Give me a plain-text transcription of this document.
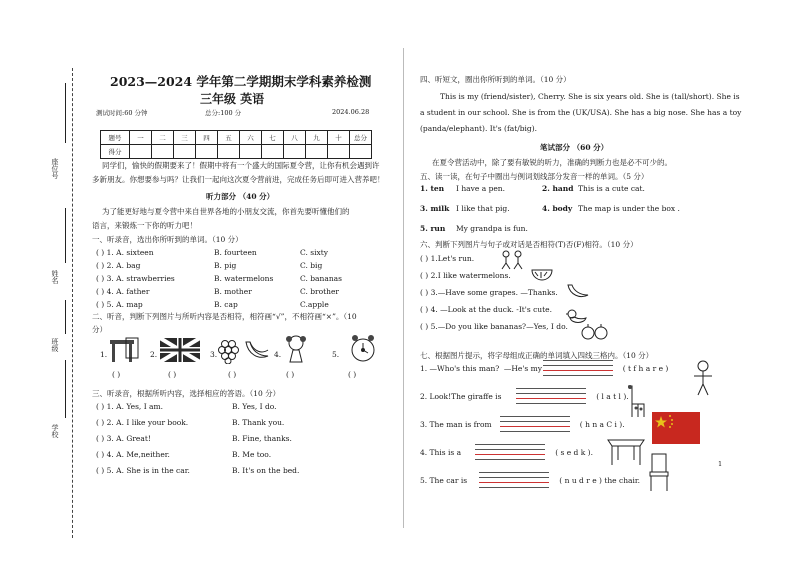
座位号
姓名
班级
学校
2023—2024 学年第二学期期末学科素养检测
三年级 英语
测试时间:60 分钟	总分:100 分	2024.06.28
题号	一	二	三	四	五	六	七	八	九	十	总分
得分											
同学们，愉快的假期要来了！假期中将有一个盛大的国际夏令营，让你有机会遇到许
多新朋友。你想要参与吗？让我们一起向这次夏令营前进，完成任务后即可进入营养吧！
听力部分 （40 分）
为了能更好地与夏令营中来自世界各地的小朋友交流，你首先要听懂他们的
语言，来锻炼一下你的听力吧！
一、听录音，选出你所听到的单词。（10 分）
( ) 1. A. sixteen	B. fourteen	C. sixty
( ) 2. A. bag	B. pig	C. big
( ) 3. A. strawberries	B. watermelons	C. bananas
( ) 4. A. father	B. mother	C. brother
( ) 5. A. map	B. cap	C.apple
二、听音，判断下列图片与所听内容是否相符，相符画“√”，不相符画“×”。（10
分）
1.	2.	3.	4.	5.
( )	( )	( )	( )	( )
三、听录音，根据所听内容，选择相应的答语。（10 分）
( ) 1. A. Yes, I am.	B. Yes, I do.
( ) 2. A. I like your book.	B. Thank you.
( ) 3. A. Great!	B. Fine, thanks.
( ) 4. A. Me,neither.	B. Me too.
( ) 5. A. She is in the car.	B. It's on the bed.
四、听短文，圈出你所听到的单词。（10 分）
This is my (friend/sister), Cherry. She is six years old. She is (tall/short). She is
a student in our school. She is from the (UK/USA). She has a big nose. She has a toy
(panda/elephant). It's (fat/big).
笔试部分 （60 分）
在夏令营活动中，除了要有敏锐的听力，准确的判断力也是必不可少的。
五、读一读，在句子中圈出与例词划线部分发音一样的单词。（5 分）
1. ten I have a pen.	2. hand This is a cute cat.
3. milk I like that pig.	4. body The map is under the box .
5. run My grandpa is fun.
六、判断下列图片与句子或对话是否相符(T)否(F)相符。（10 分）
( ) 1.Let's run.
( ) 2.I like watermelons.
( ) 3.—Have some grapes. —Thanks.
( ) 4. —Look at the duck. -It's cute.
( ) 5.—Do you like bananas?—Yes, I do.
七、根据图片提示，将字母组成正确的单词填入四线三格内。（10 分）
1. —Who's this man? —He's my	( t f h a r e )
2. Look!The giraffe is	( l a t l ).
3. The man is from	( h n a C i ).
4. This is a	( s e d k ).
5. The car is	( n u d r e ) the chair.
1
